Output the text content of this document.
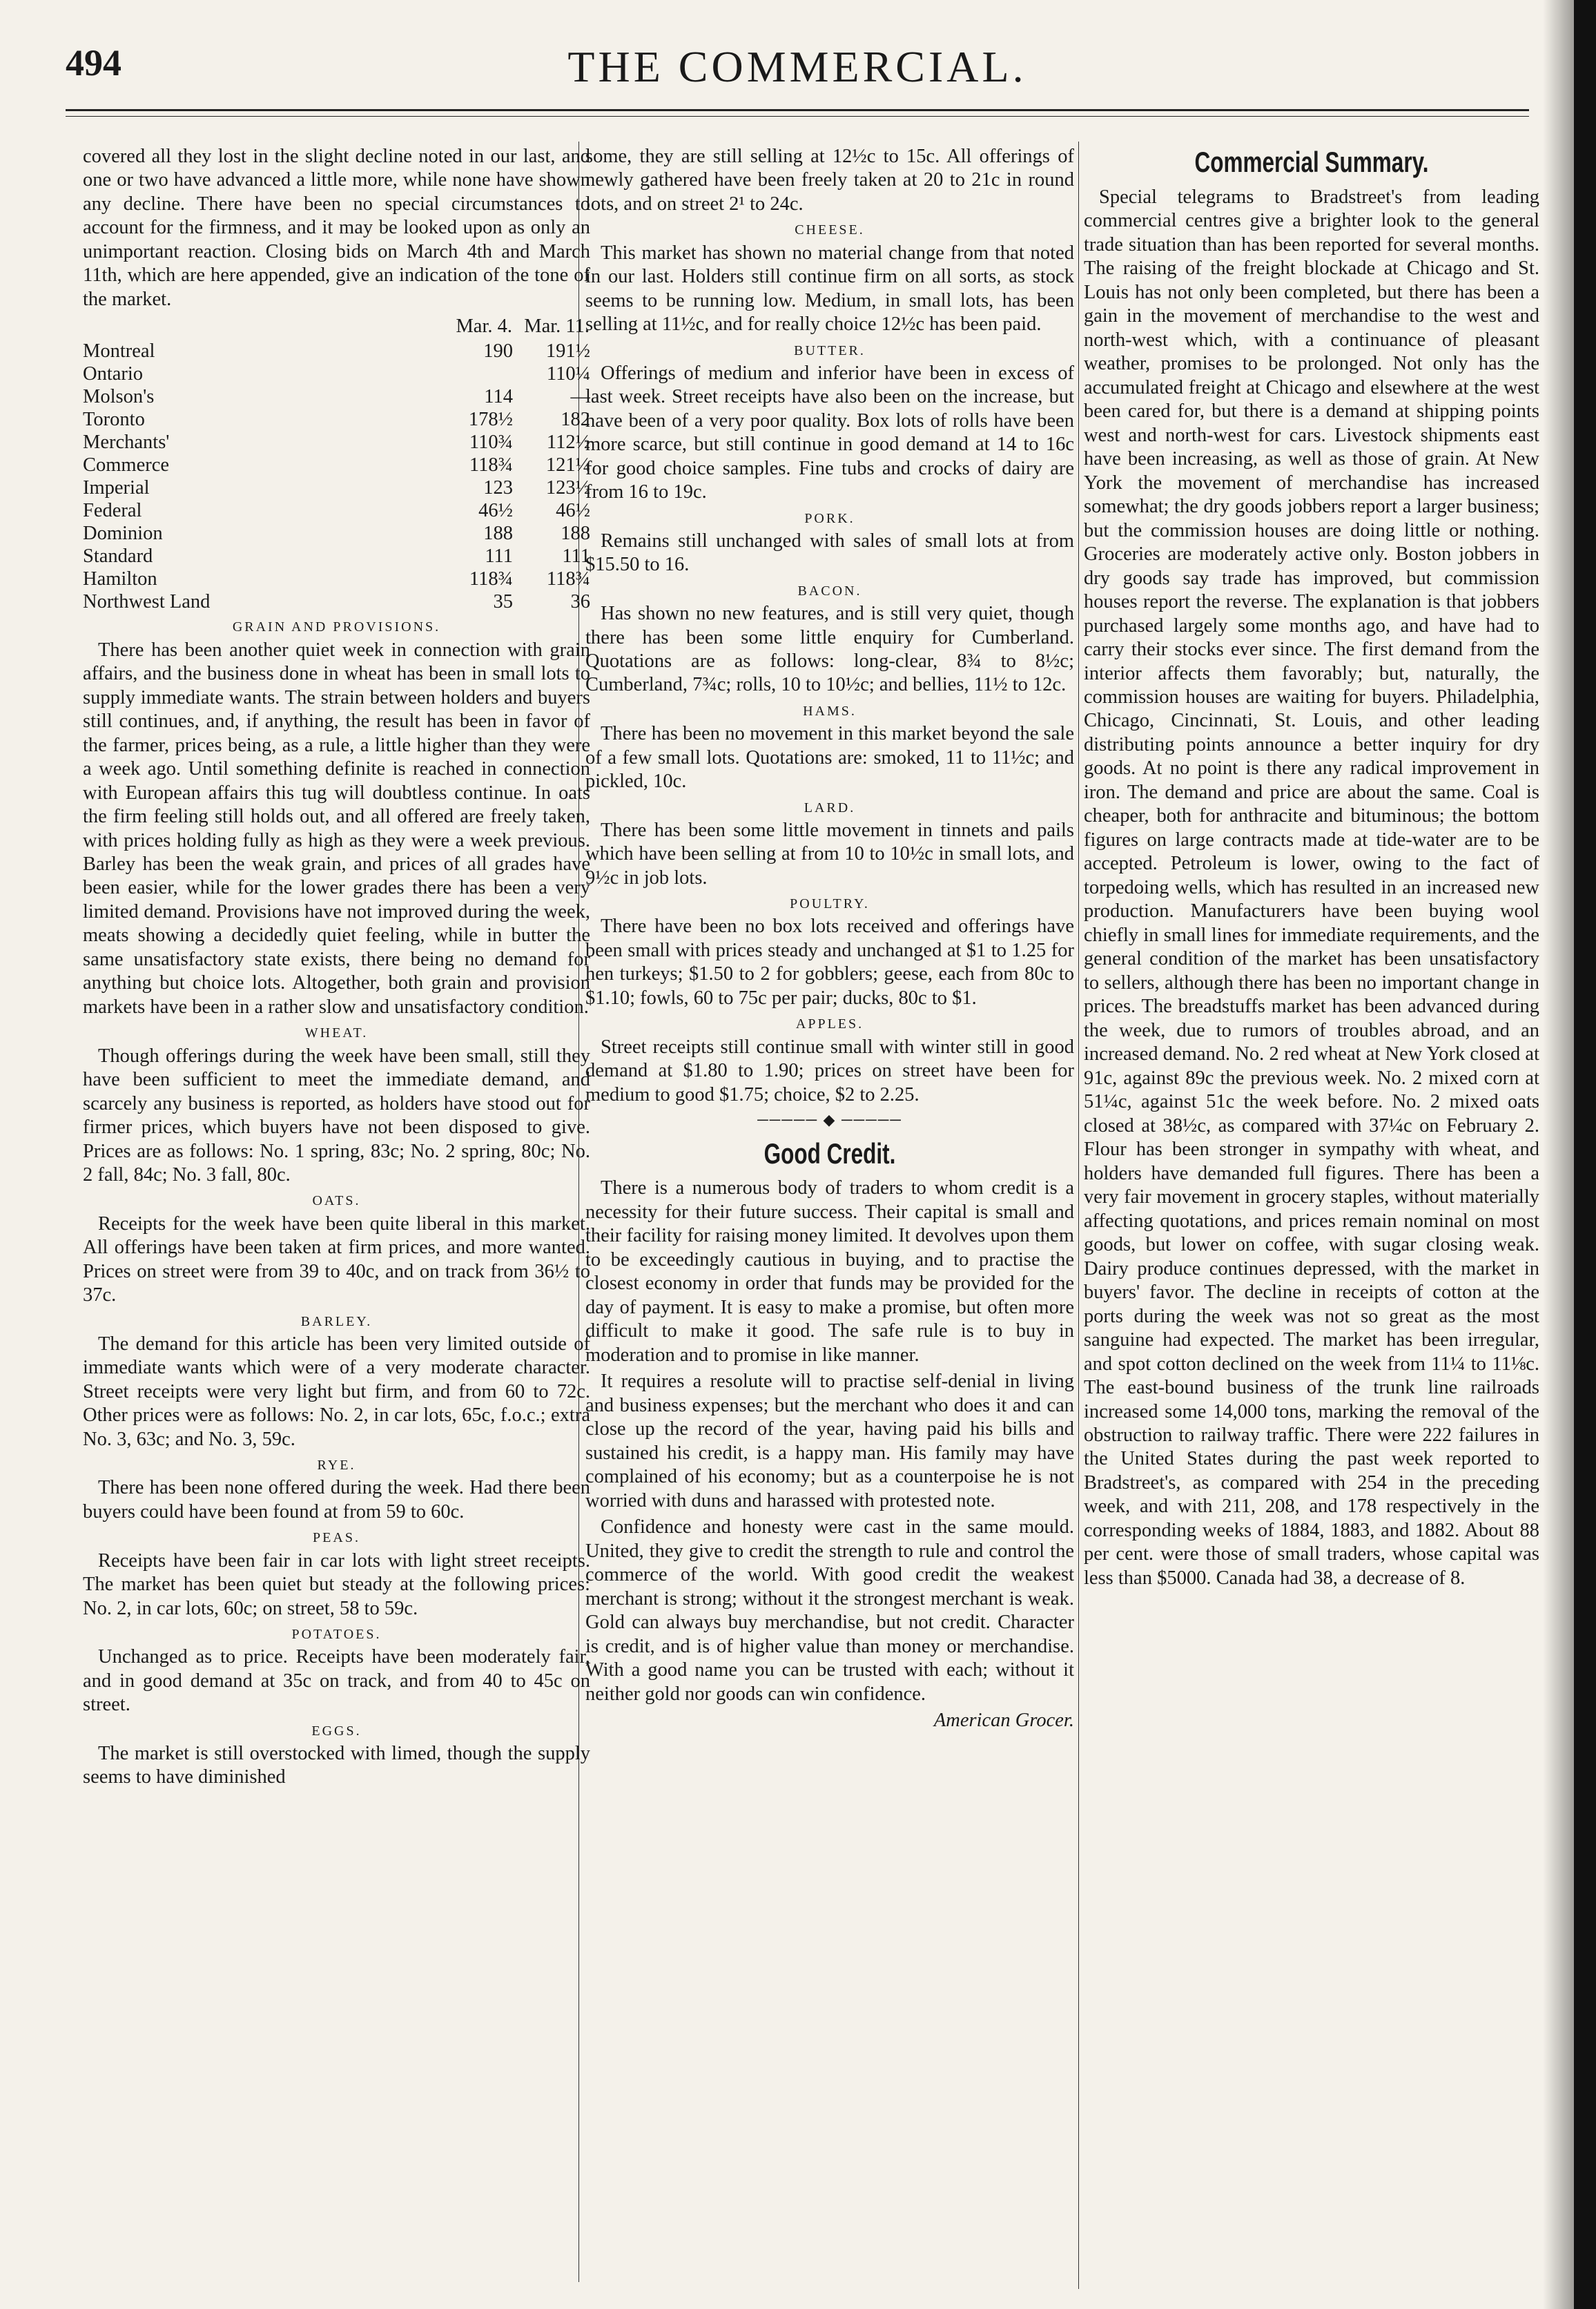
THE COMMERCIAL.
494

covered all they lost in the slight decline noted in our last, and one or two have advanced a little more, while none have shown any decline. There have been no special circumstances to account for the firmness, and it may be looked upon as only an unimportant reaction. Closing bids on March 4th and March 11th, which are here appended, give an indication of the tone of the market.

	Mar. 4.	Mar. 11.
Montreal	190	191½
Ontario		110¼
Molson's	114	—
Toronto	178½	182
Merchants'	110¾	112½
Commerce	118¾	121¼
Imperial	123	123½
Federal	46½	46½
Dominion	188	188
Standard	111	111
Hamilton	118¾	118¾
Northwest Land	35	36
GRAIN AND PROVISIONS.

There has been another quiet week in connection with grain affairs, and the business done in wheat has been in small lots to supply immediate wants. The strain between holders and buyers still continues, and, if anything, the result has been in favor of the farmer, prices being, as a rule, a little higher than they were a week ago. Until something definite is reached in connection with European affairs this tug will doubtless continue. In oats the firm feeling still holds out, and all offered are freely taken, with prices holding fully as high as they were a week previous. Barley has been the weak grain, and prices of all grades have been easier, while for the lower grades there has been a very limited demand. Provisions have not improved during the week, meats showing a decidedly quiet feeling, while in butter the same unsatisfactory state exists, there being no demand for anything but choice lots. Altogether, both grain and provision markets have been in a rather slow and unsatisfactory condition.

WHEAT.

Though offerings during the week have been small, still they have been sufficient to meet the immediate demand, and scarcely any business is reported, as holders have stood out for firmer prices, which buyers have not been disposed to give. Prices are as follows: No. 1 spring, 83c; No. 2 spring, 80c; No. 2 fall, 84c; No. 3 fall, 80c.

OATS.

Receipts for the week have been quite liberal in this market. All offerings have been taken at firm prices, and more wanted. Prices on street were from 39 to 40c, and on track from 36½ to 37c.

BARLEY.

The demand for this article has been very limited outside of immediate wants which were of a very moderate character. Street receipts were very light but firm, and from 60 to 72c. Other prices were as follows: No. 2, in car lots, 65c, f.o.c.; extra No. 3, 63c; and No. 3, 59c.

RYE.

There has been none offered during the week. Had there been buyers could have been found at from 59 to 60c.

PEAS.

Receipts have been fair in car lots with light street receipts. The market has been quiet but steady at the following prices: No. 2, in car lots, 60c; on street, 58 to 59c.

POTATOES.

Unchanged as to price. Receipts have been moderately fair, and in good demand at 35c on track, and from 40 to 45c on street.

EGGS.

The market is still overstocked with limed, though the supply seems to have diminished

some, they are still selling at 12½c to 15c. All offerings of newly gathered have been freely taken at 20 to 21c in round lots, and on street 2¹ to 24c.

CHEESE.

This market has shown no material change from that noted in our last. Holders still continue firm on all sorts, as stock seems to be running low. Medium, in small lots, has been selling at 11½c, and for really choice 12½c has been paid.

BUTTER.

Offerings of medium and inferior have been in excess of last week. Street receipts have also been on the increase, but have been of a very poor quality. Box lots of rolls have been more scarce, but still continue in good demand at 14 to 16c for good choice samples. Fine tubs and crocks of dairy are from 16 to 19c.

PORK.

Remains still unchanged with sales of small lots at from $15.50 to 16.

BACON.

Has shown no new features, and is still very quiet, though there has been some little enquiry for Cumberland. Quotations are as follows: long-clear, 8¾ to 8½c; Cumberland, 7¾c; rolls, 10 to 10½c; and bellies, 11½ to 12c.

HAMS.

There has been no movement in this market beyond the sale of a few small lots. Quotations are: smoked, 11 to 11½c; and pickled, 10c.

LARD.

There has been some little movement in tinnets and pails which have been selling at from 10 to 10½c in small lots, and 9½c in job lots.

POULTRY.

There have been no box lots received and offerings have been small with prices steady and unchanged at $1 to 1.25 for hen turkeys; $1.50 to 2 for gobblers; geese, each from 80c to $1.10; fowls, 60 to 75c per pair; ducks, 80c to $1.

APPLES.

Street receipts still continue small with winter still in good demand at $1.80 to 1.90; prices on street have been for medium to good $1.75; choice, $2 to 2.25.

───── ◆ ─────
Good Credit.

There is a numerous body of traders to whom credit is a necessity for their future success. Their capital is small and their facility for raising money limited. It devolves upon them to be exceedingly cautious in buying, and to practise the closest economy in order that funds may be provided for the day of payment. It is easy to make a promise, but often more difficult to make it good. The safe rule is to buy in moderation and to promise in like manner.

It requires a resolute will to practise self-denial in living and business expenses; but the merchant who does it and can close up the record of the year, having paid his bills and sustained his credit, is a happy man. His family may have complained of his economy; but as a counterpoise he is not worried with duns and harassed with protested note.

Confidence and honesty were cast in the same mould. United, they give to credit the strength to rule and control the commerce of the world. With good credit the weakest merchant is strong; without it the strongest merchant is weak. Gold can always buy merchandise, but not credit. Character is credit, and is of higher value than money or merchandise. With a good name you can be trusted with each; without it neither gold nor goods can win confidence.

American Grocer.
Commercial Summary.

Special telegrams to Bradstreet's from leading commercial centres give a brighter look to the general trade situation than has been reported for several months. The raising of the freight blockade at Chicago and St. Louis has not only been completed, but there has been a gain in the movement of merchandise to the west and north-west which, with a continuance of pleasant weather, promises to be prolonged. Not only has the accumulated freight at Chicago and elsewhere at the west been cared for, but there is a demand at shipping points west and north-west for cars. Livestock shipments east have been increasing, as well as those of grain. At New York the movement of merchandise has increased somewhat; the dry goods jobbers report a larger business; but the commission houses are doing little or nothing. Groceries are moderately active only. Boston jobbers in dry goods say trade has improved, but commission houses report the reverse. The explanation is that jobbers purchased largely some months ago, and have had to carry their stocks ever since. The first demand from the interior affects them favorably; but, naturally, the commission houses are waiting for buyers. Philadelphia, Chicago, Cincinnati, St. Louis, and other leading distributing points announce a better inquiry for dry goods. At no point is there any radical improvement in iron. The demand and price are about the same. Coal is cheaper, both for anthracite and bituminous; the bottom figures on large contracts made at tide-water are to be accepted. Petroleum is lower, owing to the fact of torpedoing wells, which has resulted in an increased new production. Manufacturers have been buying wool chiefly in small lines for immediate requirements, and the general condition of the market has been unsatisfactory to sellers, although there has been no important change in prices. The breadstuffs market has been advanced during the week, due to rumors of troubles abroad, and an increased demand. No. 2 red wheat at New York closed at 91c, against 89c the previous week. No. 2 mixed corn at 51¼c, against 51c the week before. No. 2 mixed oats closed at 38½c, as compared with 37¼c on February 2. Flour has been stronger in sympathy with wheat, and holders have demanded full figures. There has been a very fair movement in grocery staples, without materially affecting quotations, and prices remain nominal on most goods, but lower on coffee, with sugar closing weak. Dairy produce continues depressed, with the market in buyers' favor. The decline in receipts of cotton at the ports during the week was not so great as the most sanguine had expected. The market has been irregular, and spot cotton declined on the week from 11¼ to 11⅛c. The east-bound business of the trunk line railroads increased some 14,000 tons, marking the removal of the obstruction to railway traffic. There were 222 failures in the United States during the past week reported to Bradstreet's, as compared with 254 in the preceding week, and with 211, 208, and 178 respectively in the corresponding weeks of 1884, 1883, and 1882. About 88 per cent. were those of small traders, whose capital was less than $5000. Canada had 38, a decrease of 8.
